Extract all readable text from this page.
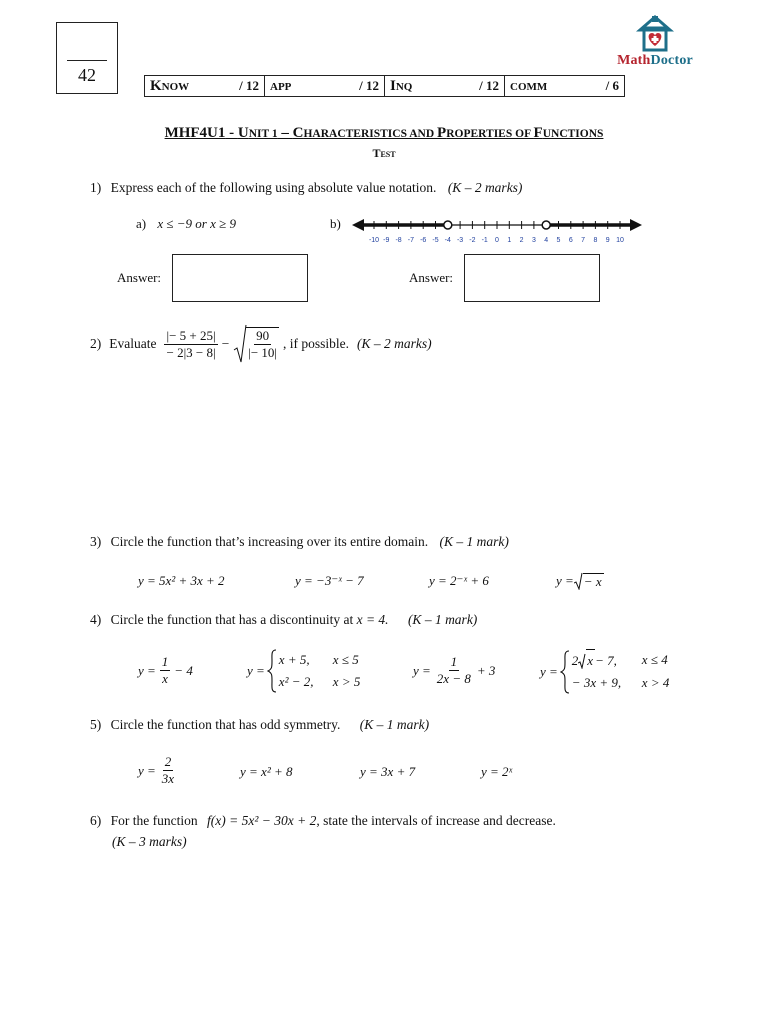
42
MathDoctor
KNOW	/ 12 APP	/ 12 INQ	/ 12 COMM	/ 6
MHF4U1 - UNIT 1 – CHARACTERISTICS AND PROPERTIES OF FUNCTIONS
Test
1) Express each of the following using absolute value notation. (K – 2 marks)
a) x ≤ −9 or x ≥ 9	b)
-10 -9 -8 -7 -6 -5 -4 -3 -2 -1 0 1 2 3 4 5 6 7 8 9 10
Answer:	Answer:
2) Evaluate $\frac{|- 5 + 25|}{- 2|3 - 8|} - \frac{90}{|- 10|}$ , if possible. (K – 2 marks)
3) Circle the function that’s increasing over its entire domain. (K – 1 mark)
y = 5x² + 3x + 2	y = −3⁻ˣ − 7	y = 2⁻ˣ + 6	y = − x
4) Circle the function that has a discontinuity at x = 4. (K – 1 mark)
$y = \frac{1}{x} - 4$	y =
x + 5,	x ≤ 5
x² − 2,	x > 5
$y = \frac{1}{2x - 8} + 3$	y =
2 x − 7, x ≤ 4
− 3x + 9,	x > 4
5) Circle the function that has odd symmetry. (K – 1 mark)
$y = \frac{2}{3x}$	y = x² + 8	y = 3x + 7	y = 2ˣ
6) For the function f(x) = 5x² − 30x + 2, state the intervals of increase and decrease.
(K – 3 marks)
